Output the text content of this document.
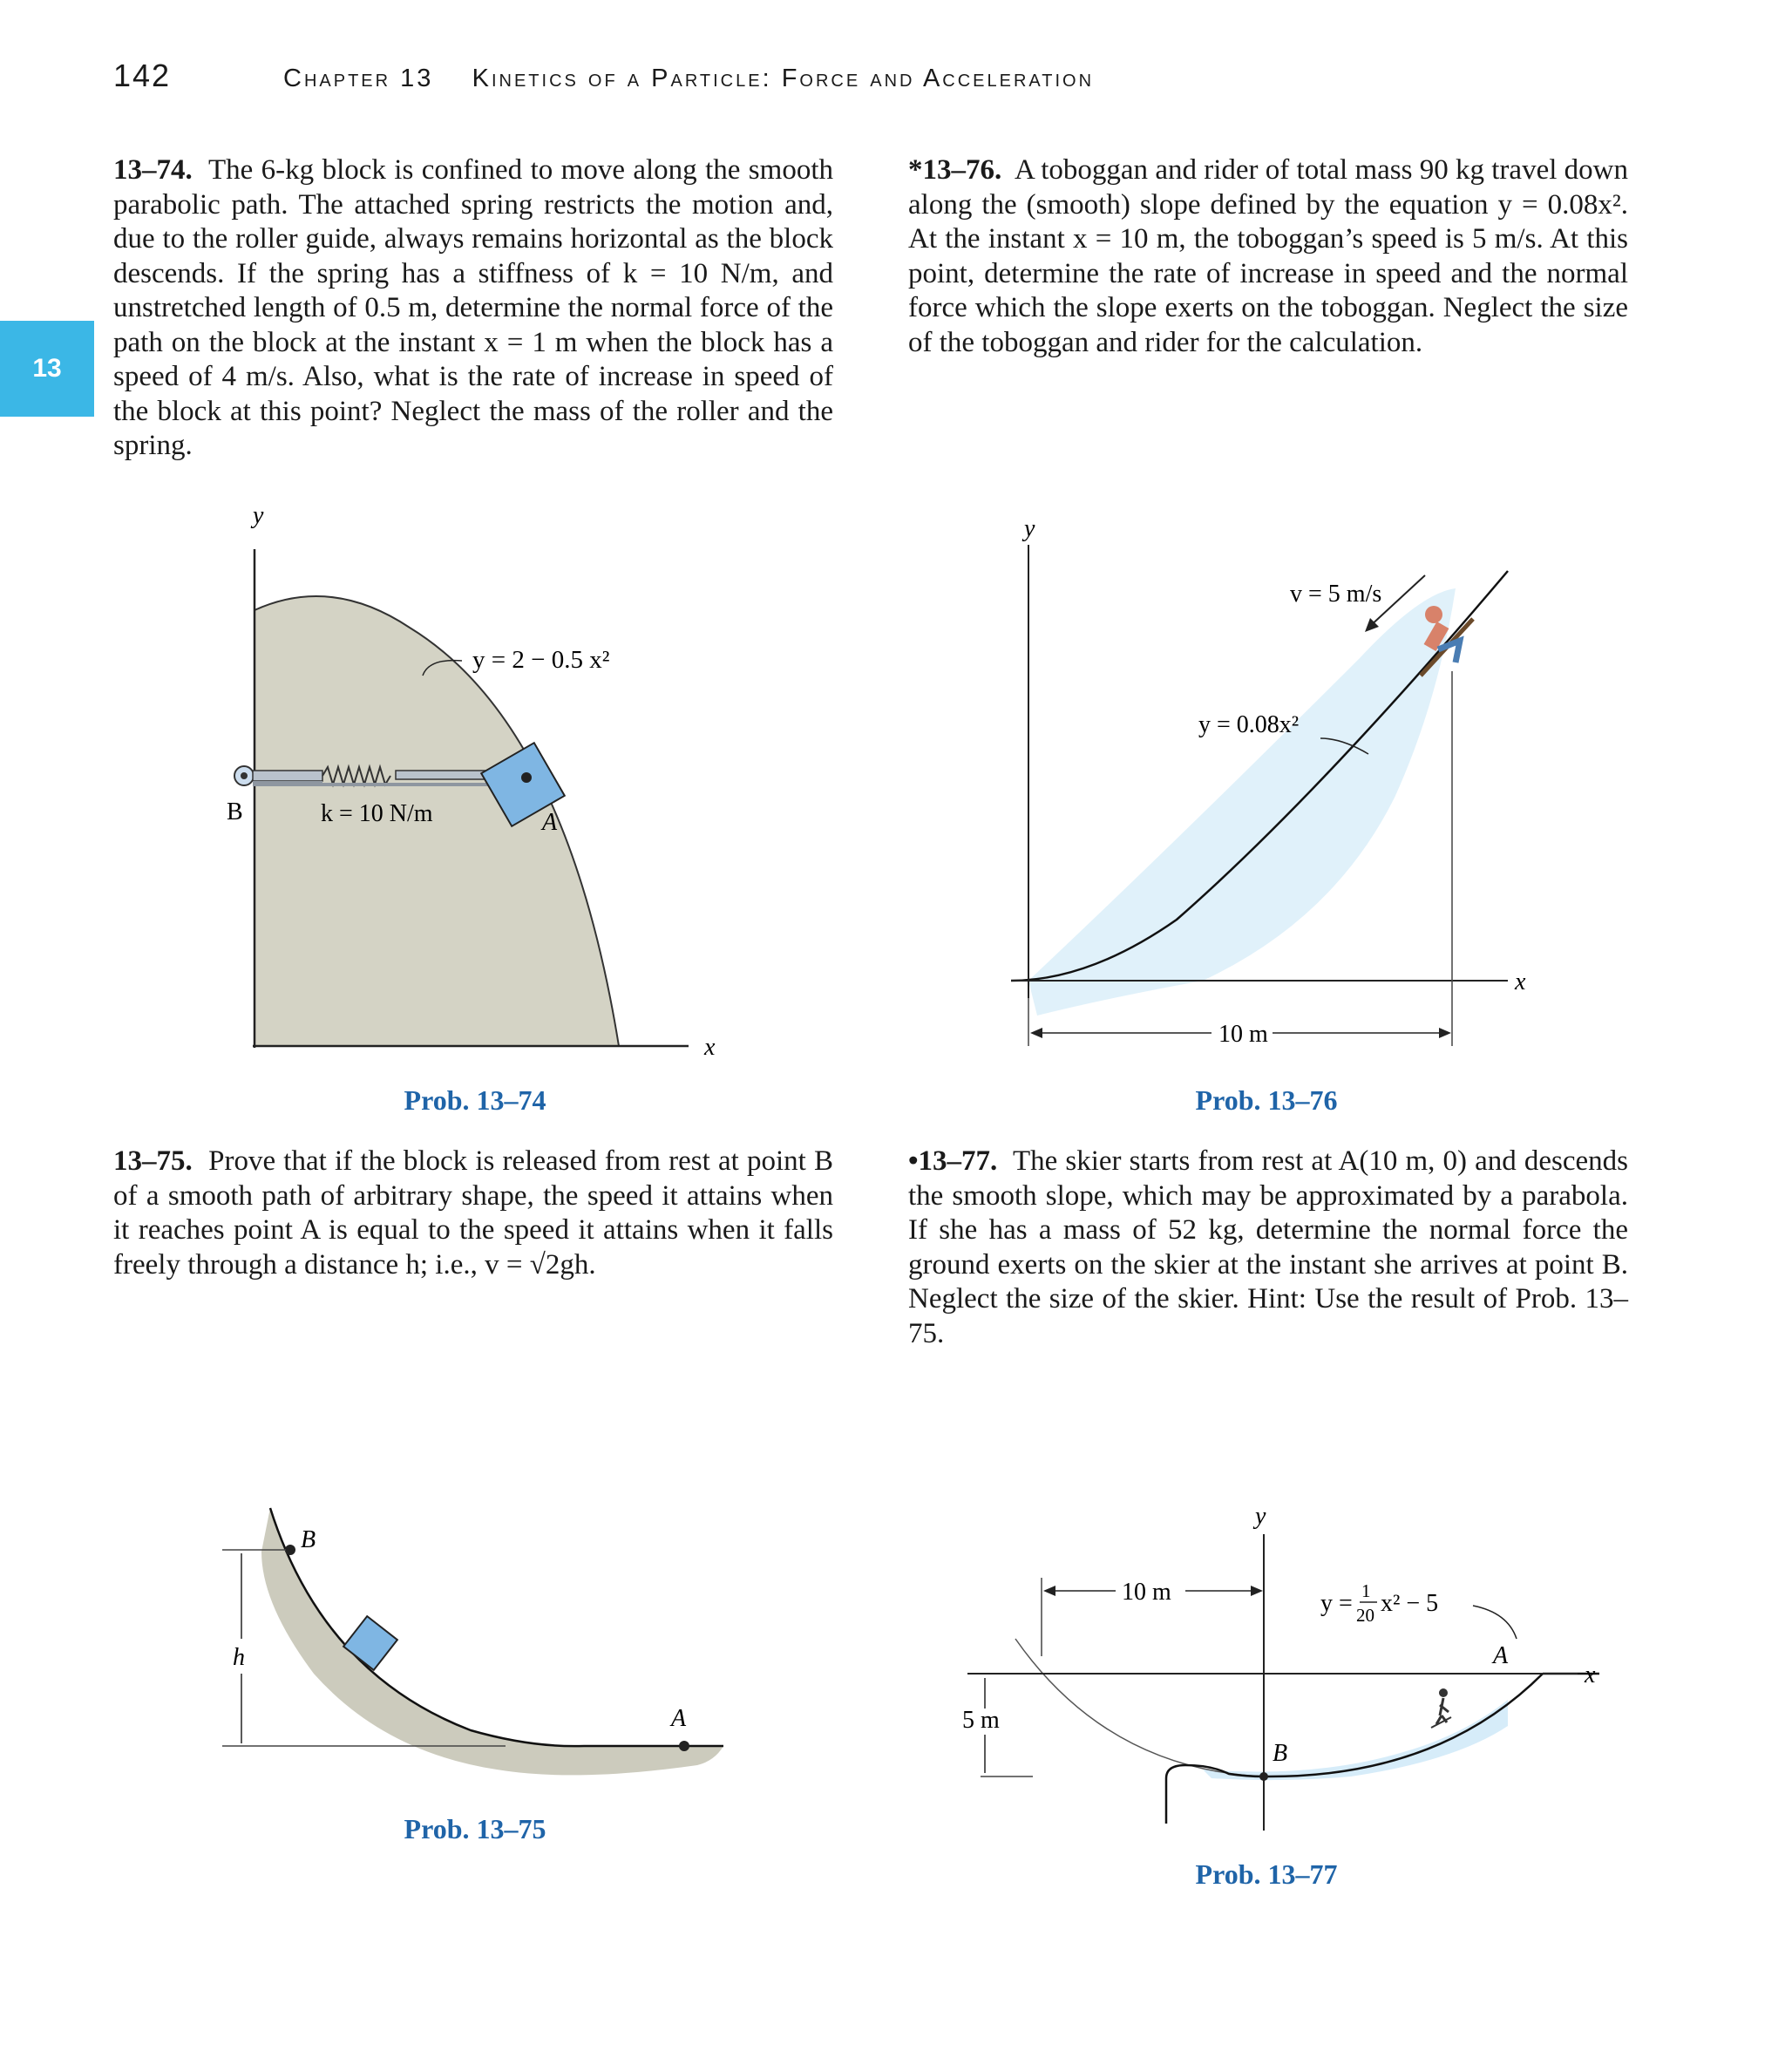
142	Chapter 13 Kinetics of a Particle: Force and Acceleration
13
13–74. The 6-kg block is confined to move along the smooth parabolic path. The attached spring restricts the motion and, due to the roller guide, always remains horizontal as the block descends. If the spring has a stiffness of k = 10 N/m, and unstretched length of 0.5 m, determine the normal force of the path on the block at the instant x = 1 m when the block has a speed of 4 m/s. Also, what is the rate of increase in speed of the block at this point? Neglect the mass of the roller and the spring.
*13–76. A toboggan and rider of total mass 90 kg travel down along the (smooth) slope defined by the equation y = 0.08x². At the instant x = 10 m, the toboggan’s speed is 5 m/s. At this point, determine the rate of increase in speed and the normal force which the slope exerts on the toboggan. Neglect the size of the toboggan and rider for the calculation.
y
x
y = 2 − 0.5 x²
B	k = 10 N/m	A
y
x
10 m
v = 5 m/s
y = 0.08x²
Prob. 13–74	Prob. 13–76
13–75. Prove that if the block is released from rest at point B of a smooth path of arbitrary shape, the speed it attains when it reaches point A is equal to the speed it attains when it falls freely through a distance h; i.e., v = √2gh.
•13–77. The skier starts from rest at A(10 m, 0) and descends the smooth slope, which may be approximated by a parabola. If she has a mass of 52 kg, determine the normal force the ground exerts on the skier at the instant she arrives at point B. Neglect the size of the skier. Hint: Use the result of Prob. 13–75.
B
A
h
y
x
10 m
5 m
B
A
y = 1
20 x² − 5
Prob. 13–75
Prob. 13–77
